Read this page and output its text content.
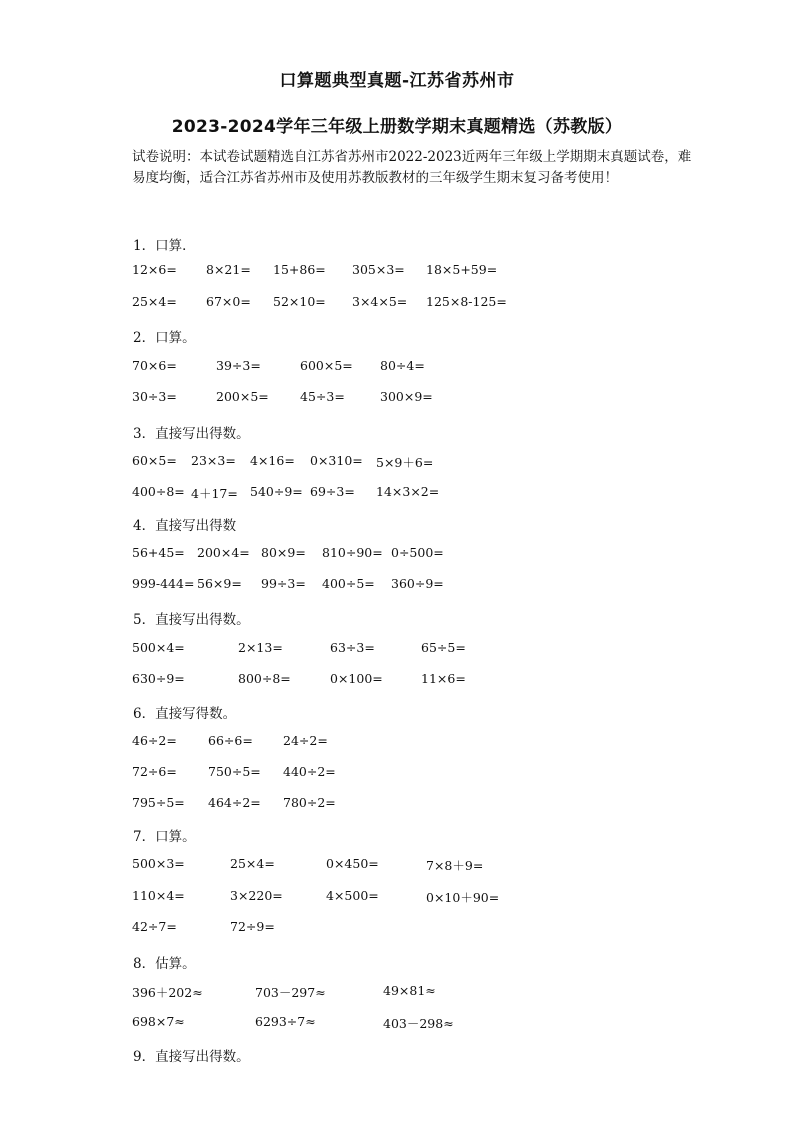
口算题典型真题-江苏省苏州市
2023-2024学年三年级上册数学期末真题精选（苏教版）
试卷说明：本试卷试题精选自江苏省苏州市2022-2023近两年三年级上学期期末真题试卷，难易度均衡，适合江苏省苏州市及使用苏教版教材的三年级学生期末复习备考使用！
1．口算．
12×6= 8×21= 15+86= 305×3= 18×5+59=
25×4= 67×0= 52×10= 3×4×5= 125×8-125=
2．口算。
70×6=	39÷3=	600×5= 80÷4=
30÷3=	200×5= 45÷3=	300×9=
3．直接写出得数。
60×5= 23×3= 4×16= 0×310= 5×9＋6=
400÷8= 4＋17= 540÷9= 69÷3= 14×3×2=
4．直接写出得数
56+45= 200×4= 80×9= 810÷90= 0÷500=
999-444= 56×9= 99÷3= 400÷5= 360÷9=
5．直接写出得数。
500×4=	2×13=	63÷3=	65÷5=
630÷9=	800÷8=	0×100=	11×6=
6．直接写得数。
46÷2= 66÷6= 24÷2=
72÷6= 750÷5= 440÷2=
795÷5= 464÷2= 780÷2=
7．口算。
500×3=	25×4=	0×450=	7×8＋9=
110×4=	3×220=	4×500=	0×10＋90=
42÷7=	72÷9=
8．估算。
396＋202≈	703－297≈	49×81≈
698×7≈	6293÷7≈	403－298≈
9．直接写出得数。
